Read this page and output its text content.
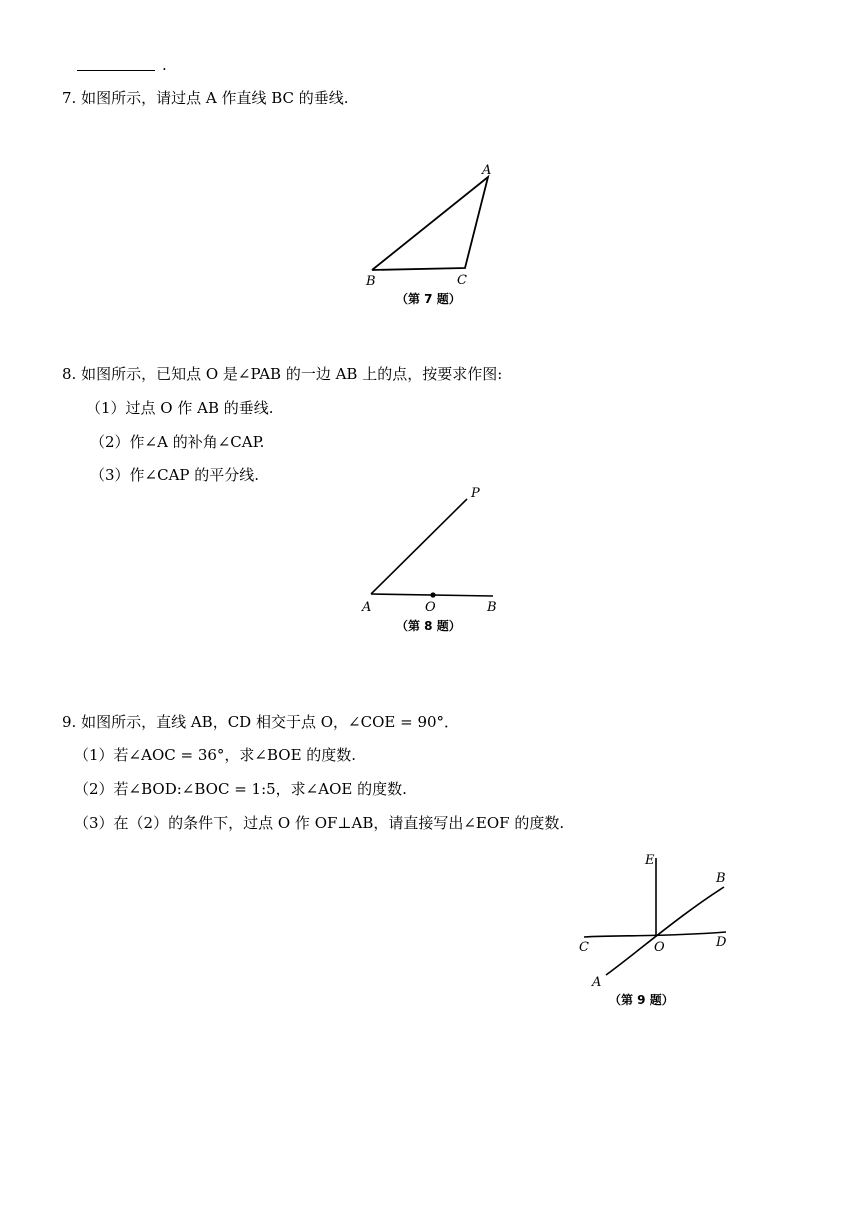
.
7. 如图所示，请过点 A 作直线 BC 的垂线.
A
B	C
（第 7 题）
8. 如图所示，已知点 O 是∠PAB 的一边 AB 上的点，按要求作图:
（1）过点 O 作 AB 的垂线.
（2）作∠A 的补角∠CAP.
（3）作∠CAP 的平分线.
P
A	O	B
（第 8 题）
9. 如图所示，直线 AB，CD 相交于点 O，∠COE = 90°．
（1）若∠AOC = 36°，求∠BOE 的度数.
（2）若∠BOD:∠BOC = 1:5，求∠AOE 的度数.
（3）在（2）的条件下，过点 O 作 OF⊥AB，请直接写出∠EOF 的度数.
E
B
C	O	D
A
（第 9 题）
